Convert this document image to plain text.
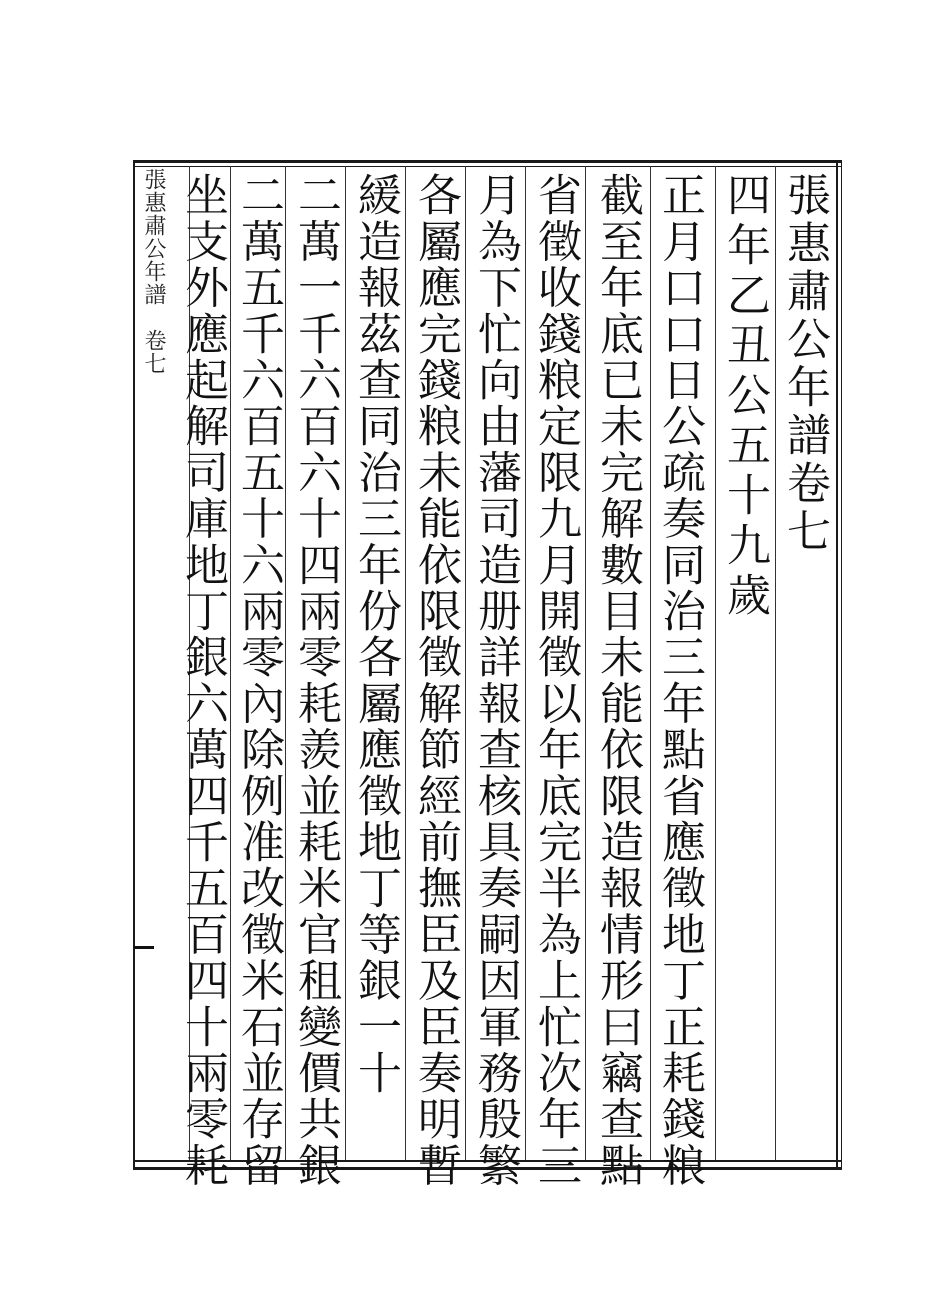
張惠肅公年譜　卷七	張惠肅公年譜卷七
四年乙丑公五十九歲
正月口口日公疏奏同治三年點省應徵地丁正耗錢粮
截至年底已未完解數目未能依限造報情形曰竊查點
省徵收錢粮定限九月開徵以年底完半為上忙次年三
月為下忙向由藩司造册詳報查核具奏嗣因軍務殷繁
各屬應完錢粮未能依限徵解節經前撫臣及臣奏明暫
緩造報茲查同治三年份各屬應徵地丁等銀一十
二萬一千六百六十四兩零耗羨並耗米官租變價共銀
二萬五千六百五十六兩零內除例准改徵米石並存留
坐支外應起解司庫地丁銀六萬四千五百四十兩零耗
